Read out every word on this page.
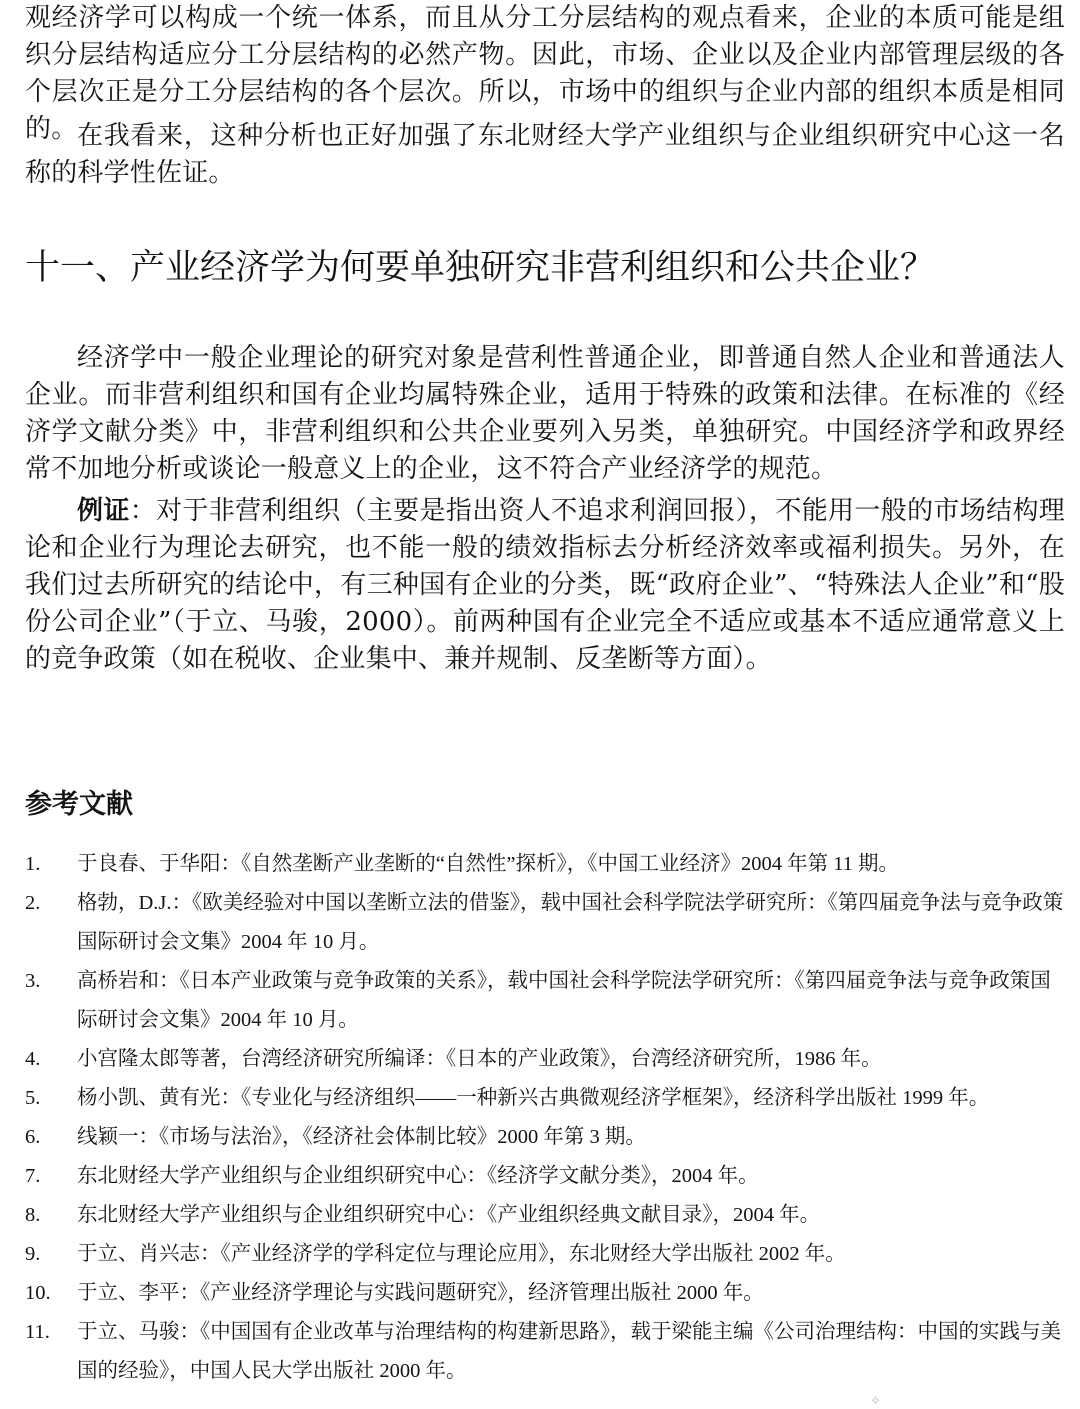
观经济学可以构成一个统一体系，而且从分工分层结构的观点看来，企业的本质可能是组织分层结构适应分工分层结构的必然产物。因此，市场、企业以及企业内部管理层级的各个层次正是分工分层结构的各个层次。所以，市场中的组织与企业内部的组织本质是相同的。 在我看来，这种分析也正好加强了东北财经大学产业组织与企业组织研究中心这一名称的科学性佐证。

十一、产业经济学为何要单独研究非营利组织和公共企业？

经济学中一般企业理论的研究对象是营利性普通企业，即普通自然人企业和普通法人企业。而非营利组织和国有企业均属特殊企业，适用于特殊的政策和法律。在标准的《经济学文献分类》中，非营利组织和公共企业要列入另类，单独研究。中国经济学和政界经常不加地分析或谈论一般意义上的企业，这不符合产业经济学的规范。

例证：对于非营利组织（主要是指出资人不追求利润回报），不能用一般的市场结构理论和企业行为理论去研究，也不能一般的绩效指标去分析经济效率或福利损失。另外，在我们过去所研究的结论中，有三种国有企业的分类，既“政府企业”、“特殊法人企业”和“股份公司企业”（于立、马骏，2000）。前两种国有企业完全不适应或基本不适应通常意义上的竞争政策（如在税收、企业集中、兼并规制、反垄断等方面）。

参考文献
1. 于良春、于华阳：《自然垄断产业垄断的“自然性”探析》，《中国工业经济》2004 年第 11 期。
2. 格勃，D.J.：《欧美经验对中国以垄断立法的借鉴》，载中国社会科学院法学研究所：《第四届竞争法与竞争政策国际研讨会文集》2004 年 10 月。
3. 高桥岩和：《日本产业政策与竞争政策的关系》，载中国社会科学院法学研究所：《第四届竞争法与竞争政策国际研讨会文集》2004 年 10 月。
4. 小宫隆太郎等著，台湾经济研究所编译：《日本的产业政策》，台湾经济研究所，1986 年。
5. 杨小凯、黄有光：《专业化与经济组织——一种新兴古典微观经济学框架》，经济科学出版社 1999 年。
6. 线颖一：《市场与法治》，《经济社会体制比较》2000 年第 3 期。
7. 东北财经大学产业组织与企业组织研究中心：《经济学文献分类》，2004 年。
8. 东北财经大学产业组织与企业组织研究中心：《产业组织经典文献目录》，2004 年。
9. 于立、肖兴志：《产业经济学的学科定位与理论应用》，东北财经大学出版社 2002 年。
10. 于立、李平：《产业经济学理论与实践问题研究》，经济管理出版社 2000 年。
11. 于立、马骏：《中国国有企业改革与治理结构的构建新思路》，载于梁能主编《公司治理结构：中国的实践与美国的经验》，中国人民大学出版社 2000 年。
✧
